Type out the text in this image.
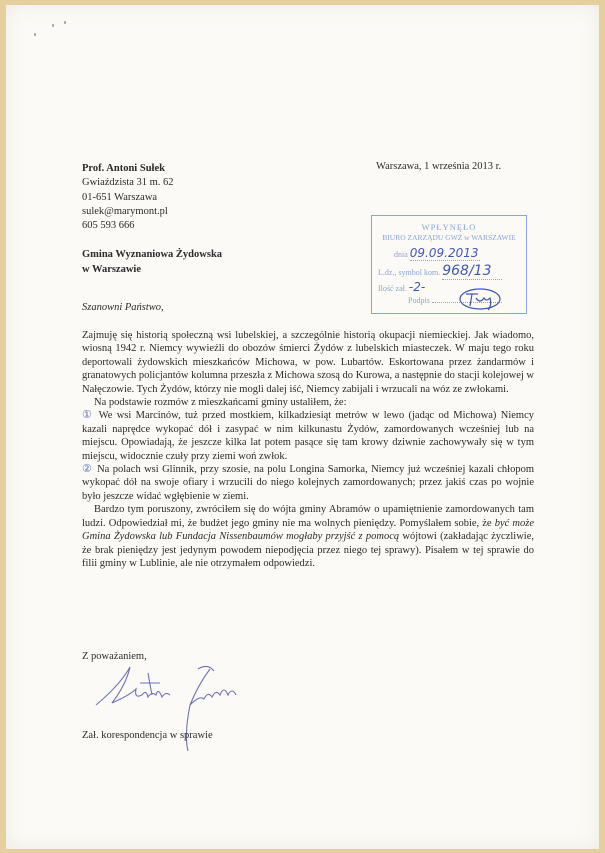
Prof. Antoni Sułek
Gwiaździsta 31 m. 62
01-651 Warszawa
sulek@marymont.pl
605 593 666
Warszawa, 1 września 2013 r.
WPŁYNĘŁO
BIURO ZARZĄDU GWŻ w WARSZAWIE
dnia 09.09.2013
L.dz., symbol kom. 968/13
Ilość zał. -2-
Podpis
Gmina Wyznaniowa Żydowska
w Warszawie
Szanowni Państwo,

Zajmuję się historią społeczną wsi lubelskiej, a szczególnie historią okupacji niemieckiej. Jak wiadomo, wiosną 1942 r. Niemcy wywieźli do obozów śmierci Żydów z lubelskich miasteczek. W maju tego roku deportowali żydowskich mieszkańców Michowa, w pow. Lubartów. Eskortowana przez żandarmów i granatowych policjantów kolumna przeszła z Michowa szosą do Kurowa, a następnie do stacji kolejowej w Nałęczowie. Tych Żydów, którzy nie mogli dalej iść, Niemcy zabijali i wrzucali na wóz ze zwłokami.

Na podstawie rozmów z mieszkańcami gminy ustaliłem, że:

① We wsi Marcinów, tuż przed mostkiem, kilkadziesiąt metrów w lewo (jadąc od Michowa) Niemcy kazali naprędce wykopać dół i zasypać w nim kilkunastu Żydów, zamordowanych wcześniej lub na miejscu. Opowiadają, że jeszcze kilka lat potem pasące się tam krowy dziwnie zachowywały się w tym miejscu, widocznie czuły przy ziemi woń zwłok.

② Na polach wsi Glinnik, przy szosie, na polu Longina Samorka, Niemcy już wcześniej kazali chłopom wykopać dół na swoje ofiary i wrzucili do niego kolejnych zamordowanych; przez jakiś czas po wojnie było jeszcze widać wgłębienie w ziemi.

Bardzo tym poruszony, zwróciłem się do wójta gminy Abramów o upamiętnienie zamordowanych tam ludzi. Odpowiedział mi, że budżet jego gminy nie ma wolnych pieniędzy. Pomyślałem sobie, że być może Gmina Żydowska lub Fundacja Nissenbaumów mogłaby przyjść z pomocą wójtowi (zakładając życzliwie, że brak pieniędzy jest jedynym powodem niepodjęcia przez niego tej sprawy). Pisałem w tej sprawie do filii gminy w Lublinie, ale nie otrzymałem odpowiedzi.

Z poważaniem,
Zał. korespondencja w sprawie
